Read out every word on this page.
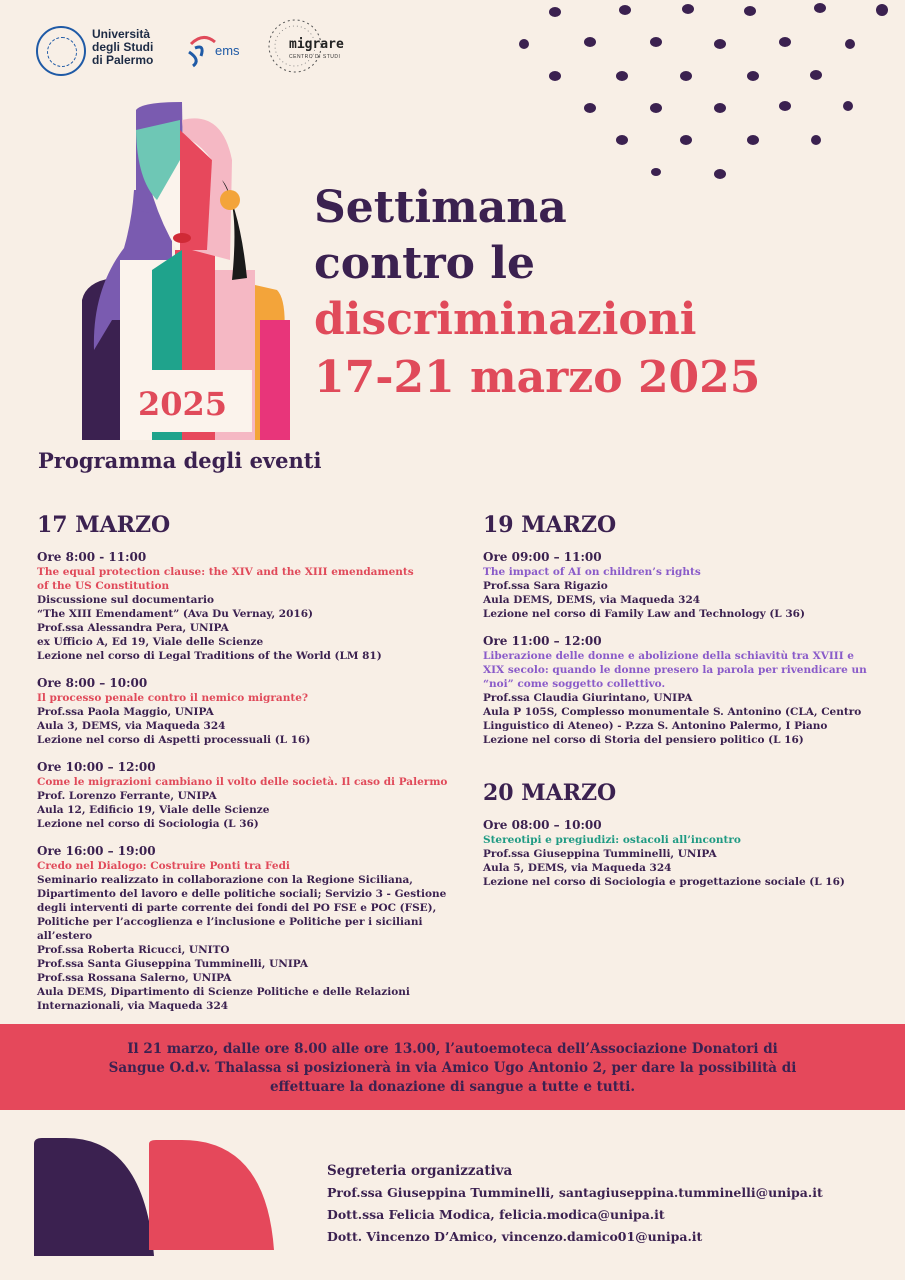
Università
degli Studi
di Palermo
ems	migrare
CENTRO DI STUDI
2025
Settimana
contro le
discriminazioni
17-21 marzo 2025
Programma degli eventi
17 MARZO
Ore 8:00 - 11:00
The equal protection clause: the XIV and the XIII emendaments
of the US Constitution
Discussione sul documentario
“The XIII Emendament” (Ava Du Vernay, 2016)
Prof.ssa Alessandra Pera, UNIPA
ex Ufficio A, Ed 19, Viale delle Scienze
Lezione nel corso di Legal Traditions of the World (LM 81)
Ore 8:00 – 10:00
Il processo penale contro il nemico migrante?
Prof.ssa Paola Maggio, UNIPA
Aula 3, DEMS, via Maqueda 324
Lezione nel corso di Aspetti processuali (L 16)
Ore 10:00 – 12:00
Come le migrazioni cambiano il volto delle società. Il caso di Palermo
Prof. Lorenzo Ferrante, UNIPA
Aula 12, Edificio 19, Viale delle Scienze
Lezione nel corso di Sociologia (L 36)
Ore 16:00 – 19:00
Credo nel Dialogo: Costruire Ponti tra Fedi
Seminario realizzato in collaborazione con la Regione Siciliana,
Dipartimento del lavoro e delle politiche sociali; Servizio 3 - Gestione
degli interventi di parte corrente dei fondi del PO FSE e POC (FSE),
Politiche per l’accoglienza e l’inclusione e Politiche per i siciliani
all’estero
Prof.ssa Roberta Ricucci, UNITO
Prof.ssa Santa Giuseppina Tumminelli, UNIPA
Prof.ssa Rossana Salerno, UNIPA
Aula DEMS, Dipartimento di Scienze Politiche e delle Relazioni
Internazionali, via Maqueda 324
19 MARZO
Ore 09:00 – 11:00
The impact of AI on children’s rights
Prof.ssa Sara Rigazio
Aula DEMS, DEMS, via Maqueda 324
Lezione nel corso di Family Law and Technology (L 36)
Ore 11:00 – 12:00
Liberazione delle donne e abolizione della schiavitù tra XVIII e
XIX secolo: quando le donne presero la parola per rivendicare un
“noi” come soggetto collettivo.
Prof.ssa Claudia Giurintano, UNIPA
Aula P 105S, Complesso monumentale S. Antonino (CLA, Centro
Linguistico di Ateneo) - P.zza S. Antonino Palermo, I Piano
Lezione nel corso di Storia del pensiero politico (L 16)
20 MARZO
Ore 08:00 – 10:00
Stereotipi e pregiudizi: ostacoli all’incontro
Prof.ssa Giuseppina Tumminelli, UNIPA
Aula 5, DEMS, via Maqueda 324
Lezione nel corso di Sociologia e progettazione sociale (L 16)
Il 21 marzo, dalle ore 8.00 alle ore 13.00, l’autoemoteca dell’Associazione Donatori di
Sangue O.d.v. Thalassa si posizionerà in via Amico Ugo Antonio 2, per dare la possibilità di
effettuare la donazione di sangue a tutte e tutti.
Segreteria organizzativa
Prof.ssa Giuseppina Tumminelli, santagiuseppina.tumminelli@unipa.it
Dott.ssa Felicia Modica, felicia.modica@unipa.it
Dott. Vincenzo D’Amico, vincenzo.damico01@unipa.it
